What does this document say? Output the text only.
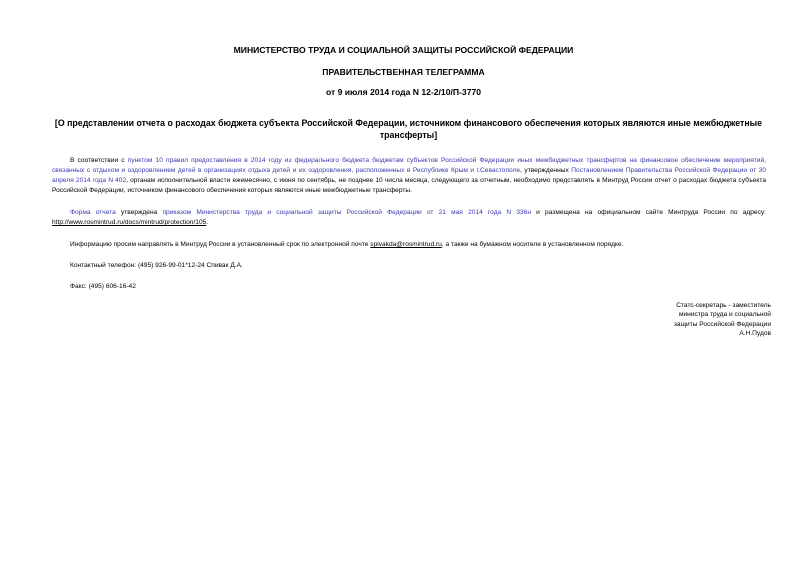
МИНИСТЕРСТВО ТРУДА И СОЦИАЛЬНОЙ ЗАЩИТЫ РОССИЙСКОЙ ФЕДЕРАЦИИ
ПРАВИТЕЛЬСТВЕННАЯ ТЕЛЕГРАММА
от 9 июля 2014 года N 12-2/10/П-3770
[О представлении отчета о расходах бюджета субъекта Российской Федерации, источником финансового обеспечения которых являются иные межбюджетные трансферты]
В соответствии с пунктом 10 правил предоставления в 2014 году из федерального бюджета бюджетам субъектов Российской Федерации иных межбюджетных трансфертов на финансовое обеспечение мероприятий, связанных с отдыхом и оздоровлением детей в организациях отдыха детей и их оздоровления, расположенных в Республике Крым и г.Севастополе, утвержденных Постановлением Правительства Российской Федерации от 30 апреля 2014 года N 402, органам исполнительной власти ежемесячно, с июня по сентябрь, не позднее 10 числа месяца, следующего за отчетным, необходимо представлять в Минтруд России отчет о расходах бюджета субъекта Российской Федерации, источником финансового обеспечения которых являются иные межбюджетные трансферты.
Форма отчета утверждена приказом Министерства труда и социальной защиты Российской Федерации от 21 мая 2014 года N 336н и размещена на официальном сайте Минтруда России по адресу: http://www.rosmintrud.ru/docs/mintrud/protection/105.
Информацию просим направлять в Минтруд России в установленный срок по электронной почте spivakda@rosmintrud.ru, а также на бумажном носителе в установленном порядке.
Контактный телефон: (495) 926-99-01*12-24 Спивак Д.А.
Факс: (495) 606-16-42
Статс-секретарь - заместитель
министра труда и социальной
защиты Российской Федерации
А.Н.Пудов
